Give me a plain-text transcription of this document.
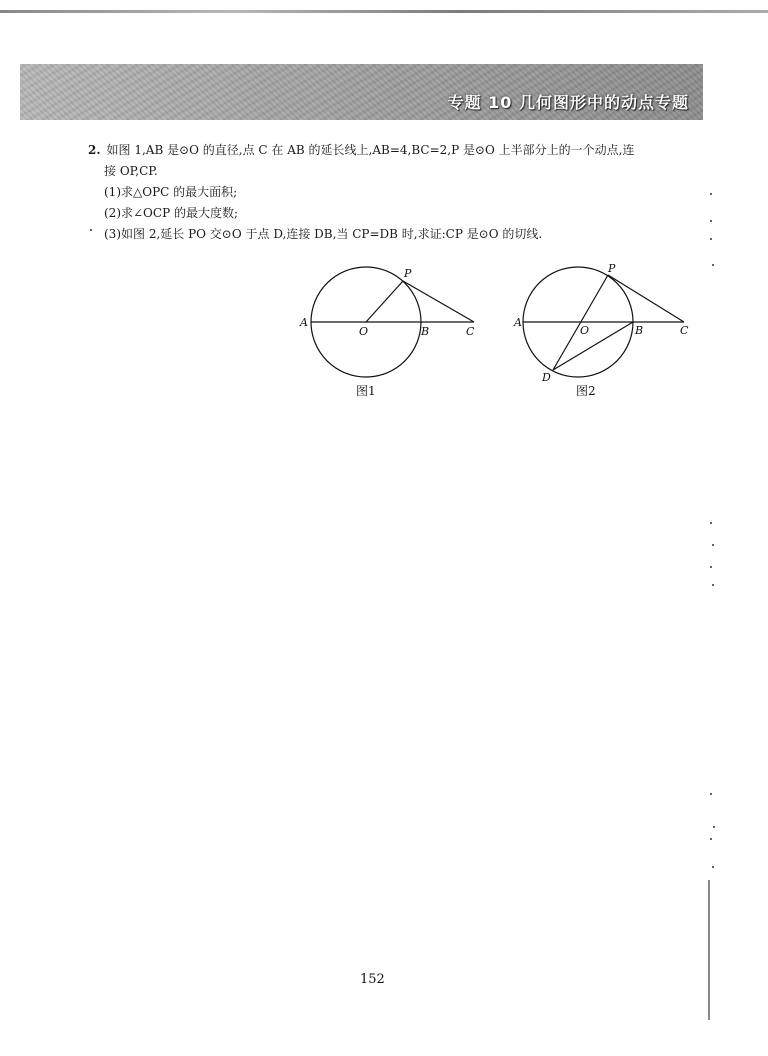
专题 10 几何图形中的动点专题
2. 如图 1,AB 是⊙O 的直径,点 C 在 AB 的延长线上,AB=4,BC=2,P 是⊙O 上半部分上的一个动点,连
接 OP,CP.
(1)求△OPC 的最大面积;
(2)求∠OCP 的最大度数;
(3)如图 2,延长 PO 交⊙O 于点 D,连接 DB,当 CP=DB 时,求证:CP 是⊙O 的切线.
A
O	B	C
P
图1
A
O	B	C
P
D
图2
152
